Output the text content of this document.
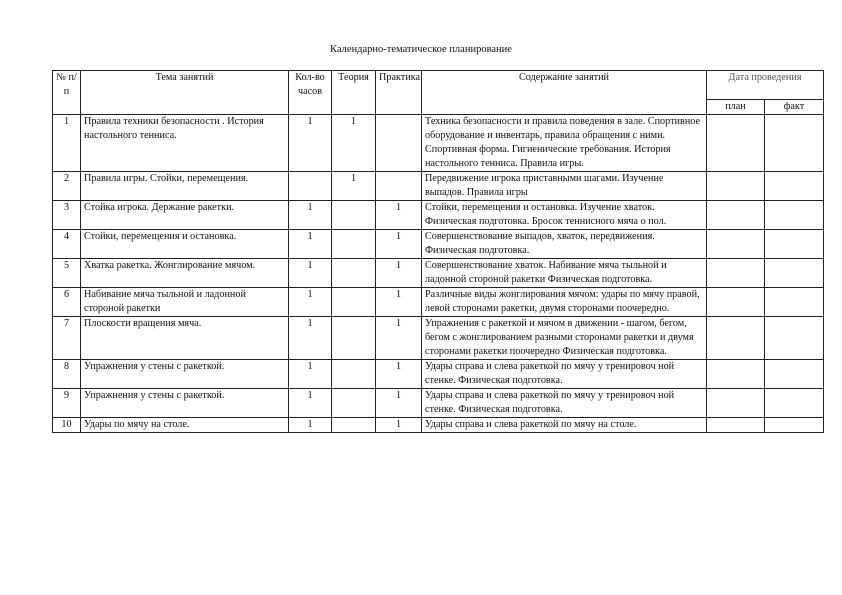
Календарно-тематическое планирование
№ п/п	Тема занятий	Кол-во часов	Теория	Практика	Содержание занятий	Дата проведения	
						план	факт
1	Правила техники безопасности . История настольного тенниса.	1	1		Техника безопасности и правила поведения в зале. Спортивное оборудование и инвентарь, правила обращения с ними. Спортивная форма. Гигиенические требования. История настольного тенниса. Правила игры.		
2	Правила игры. Стойки, перемещения.		1		Передвижение игрока приставными шагами. Изучение выпадов. Правила игры		
3	Стойка игрока. Держание ракетки.	1		1	Стойки, перемещения и остановка. Изучение хваток. Физическая подготовка. Бросок теннисного мяча о пол.		
4	Стойки, перемещения и остановка.	1		1	Совершенствование выпадов, хваток, передвижения. Физическая подготовка.		
5	Хватка ракетка. Жонглирование мячом.	1		1	Совершенствование хваток. Набивание мяча тыльной и ладонной стороной ракетки Физическая подготовка.		
6	Набивание мяча тыльной и ладонной стороной ракетки	1		1	Различные виды жонглирования мячом: удары по мячу правой, левой сторонами ракетки, двумя сторонами поочередно.		
7	Плоскости вращения мяча.	1		1	Упражнения с ракеткой и мячом в движении - шагом, бегом, бегом с жонглированием разными сторонами ракетки и двумя сторонами ракетки поочередно Физическая подготовка.		
8	Упражнения у стены с ракеткой.	1		1	Удары справа и слева ракеткой по мячу у тренировоч ной стенке. Физическая подготовка.		
9	Упражнения у стены с ракеткой.	1		1	Удары справа и слева ракеткой по мячу у тренировоч ной стенке. Физическая подготовка.		
10	Удары по мячу на столе.	1		1	Удары справа и слева ракеткой по мячу на столе.		
